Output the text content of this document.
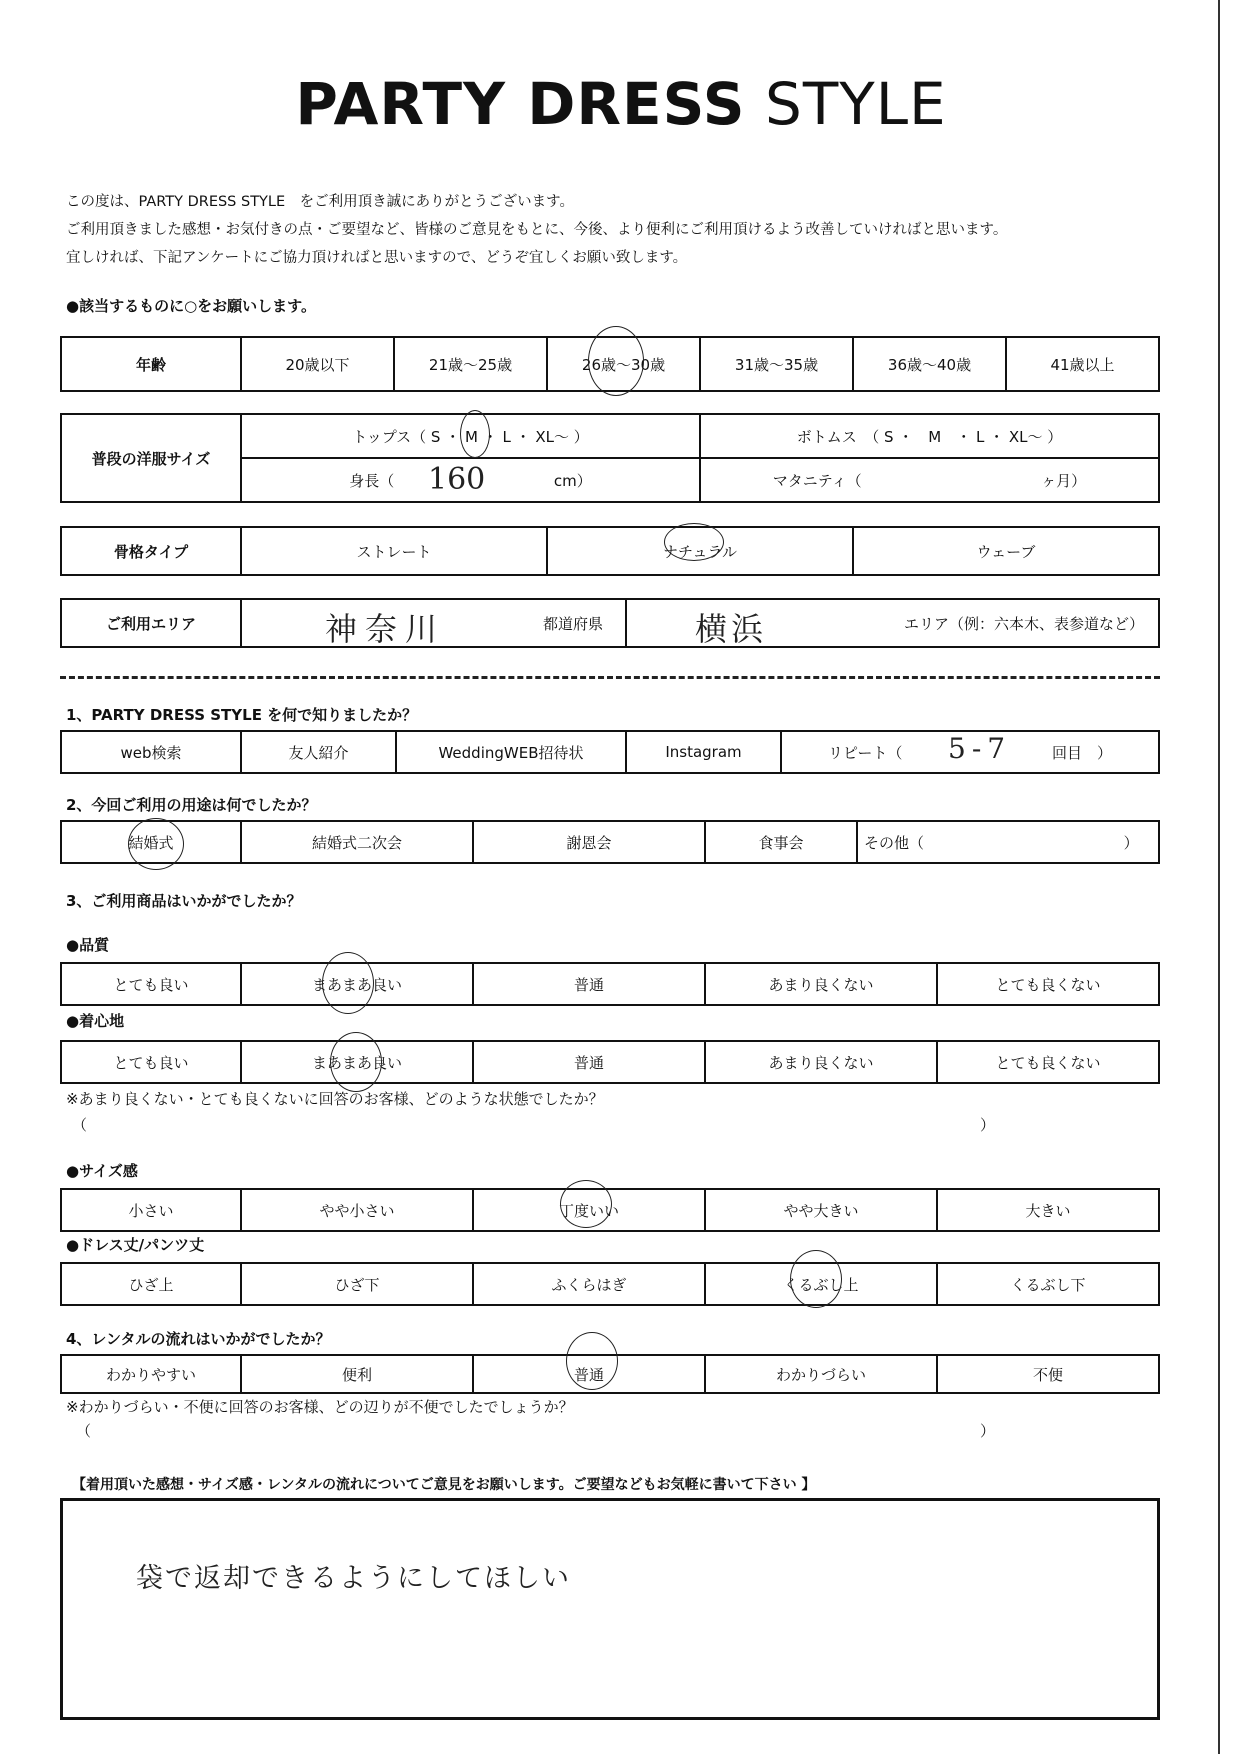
PARTY DRESS STYLE
この度は、PARTY DRESS STYLE　をご利用頂き誠にありがとうございます。
ご利用頂きました感想・お気付きの点・ご要望など、皆様のご意見をもとに、今後、より便利にご利用頂けるよう改善していければと思います。
宜しければ、下記アンケートにご協力頂ければと思いますので、どうぞ宜しくお願い致します。
●該当するものに○をお願いします。
年齢	20歳以下	21歳～25歳	26歳～30歳	31歳～35歳	36歳～40歳	41歳以上
普段の洋服サイズ	トップス（ S ・ M ・ L ・ XL～ ）	ボトムス　（ S ・　M　・ L ・ XL～ ）
	身長（ cm）	マタニティ（ ヶ月）
160
骨格タイプ	ストレート	ナチュラル	ウェーブ
ご利用エリア	都道府県	エリア（例：六本木、表参道など）
神奈川	横浜
1、PARTY DRESS STYLE を何で知りましたか？
web検索	友人紹介	WeddingWEB招待状	Instagram	リピート（	回目　）
5-7
2、今回ご利用の用途は何でしたか？
結婚式	結婚式二次会	謝恩会	食事会	その他（	）
3、ご利用商品はいかがでしたか？
●品質
とても良い	まあまあ良い	普通	あまり良くない	とても良くない
●着心地
とても良い	まあまあ良い	普通	あまり良くない	とても良くない
※あまり良くない・とても良くないに回答のお客様、どのような状態でしたか？
（	）
●サイズ感
小さい	やや小さい	丁度いい	やや大きい	大きい
●ドレス丈/パンツ丈
ひざ上	ひざ下	ふくらはぎ	くるぶし上	くるぶし下
4、レンタルの流れはいかがでしたか？
わかりやすい	便利	普通	わかりづらい	不便
※わかりづらい・不便に回答のお客様、どの辺りが不便でしたでしょうか？
（	）
【着用頂いた感想・サイズ感・レンタルの流れについてご意見をお願いします。ご要望などもお気軽に書いて下さい 】
袋で返却できるようにしてほしい
